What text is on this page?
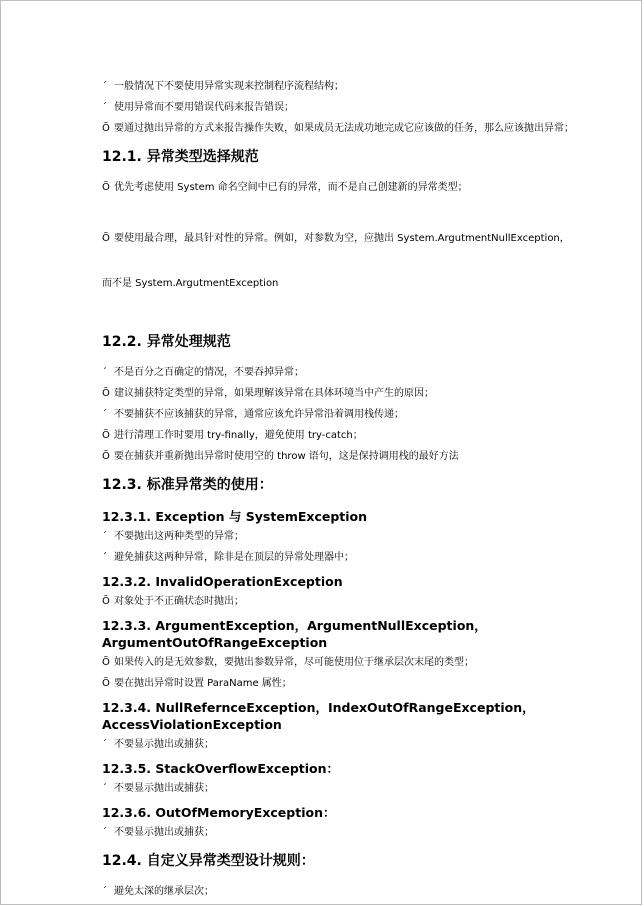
´ 一般情况下不要使用异常实现来控制程序流程结构；
´ 使用异常而不要用错误代码来报告错误；
Õ 要通过抛出异常的方式来报告操作失败，如果成员无法成功地完成它应该做的任务，那么应该抛出异常；
12.1. 异常类型选择规范
Õ 优先考虑使用 System 命名空间中已有的异常，而不是自己创建新的异常类型；

Õ 要使用最合理，最具针对性的异常。例如，对参数为空，应抛出 System.ArgutmentNullException，

而不是 System.ArgutmentException

12.2. 异常处理规范
´ 不是百分之百确定的情况，不要吞掉异常；
Õ 建议捕获特定类型的异常，如果理解该异常在具体环境当中产生的原因；
´ 不要捕获不应该捕获的异常，通常应该允许异常沿着调用栈传递；
Õ 进行清理工作时要用 try-finally，避免使用 try-catch；
Õ 要在捕获并重新抛出异常时使用空的 throw 语句，这是保持调用栈的最好方法
12.3. 标准异常类的使用：
12.3.1. Exception 与 SystemException
´ 不要抛出这两种类型的异常；
´ 避免捕获这两种异常，除非是在顶层的异常处理器中；
12.3.2. InvalidOperationException
Õ 对象处于不正确状态时抛出；
12.3.3. ArgumentException，ArgumentNullException，
ArgumentOutOfRangeException
Õ 如果传入的是无效参数，要抛出参数异常，尽可能使用位于继承层次末尾的类型；
Õ 要在抛出异常时设置 ParaName 属性；
12.3.4. NullRefernceException，IndexOutOfRangeException，
AccessViolationException
´ 不要显示抛出或捕获；
12.3.5. StackOverflowException：
´ 不要显示抛出或捕获；
12.3.6. OutOfMemoryException：
´ 不要显示抛出或捕获；
12.4. 自定义异常类型设计规则：
´ 避免太深的继承层次；
